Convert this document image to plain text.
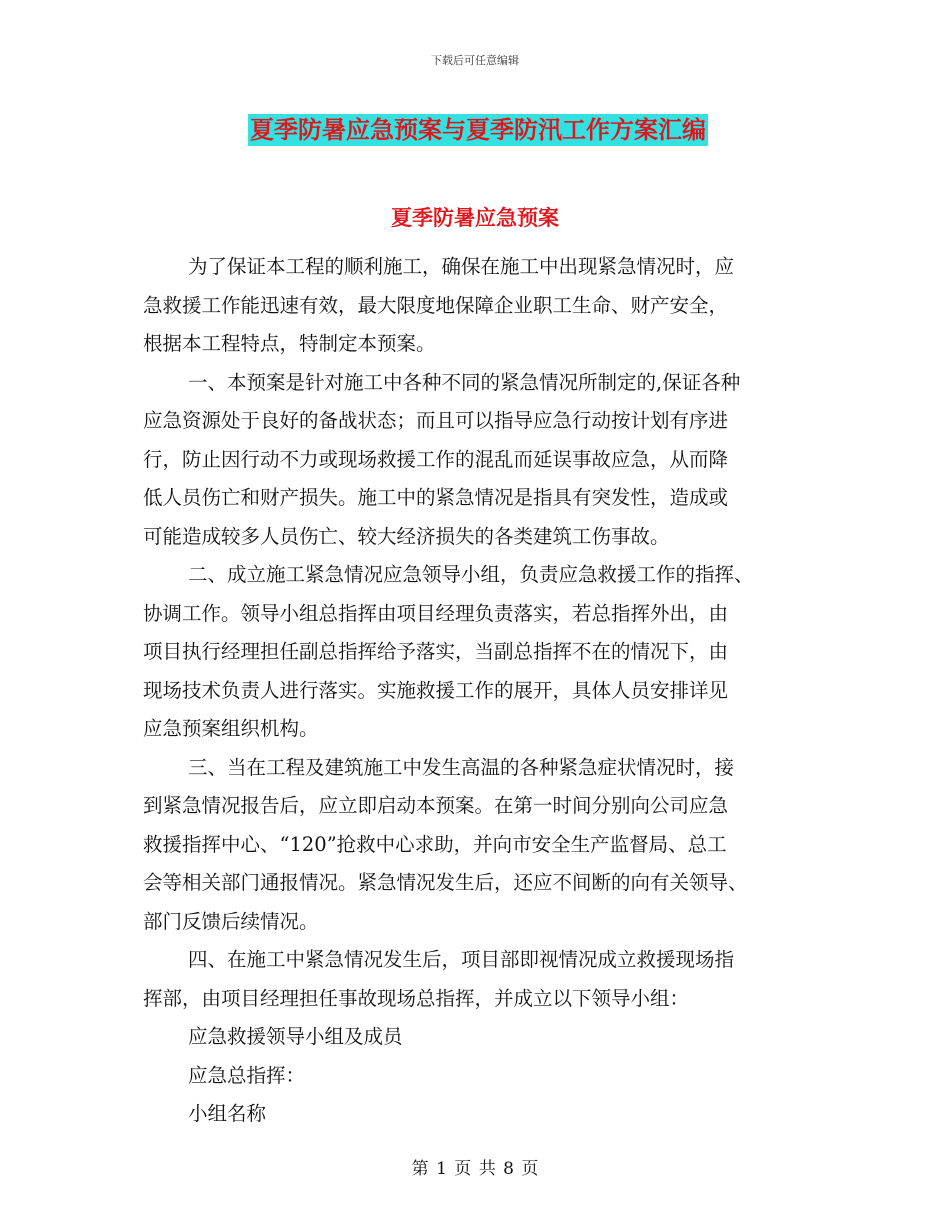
下载后可任意编辑
夏季防暑应急预案与夏季防汛工作方案汇编
夏季防暑应急预案
为了保证本工程的顺利施工，确保在施工中出现紧急情况时，应
急救援工作能迅速有效，最大限度地保障企业职工生命、财产安全，
根据本工程特点，特制定本预案。
一、本预案是针对施工中各种不同的紧急情况所制定的,保证各种
应急资源处于良好的备战状态；而且可以指导应急行动按计划有序进
行，防止因行动不力或现场救援工作的混乱而延误事故应急，从而降
低人员伤亡和财产损失。施工中的紧急情况是指具有突发性，造成或
可能造成较多人员伤亡、较大经济损失的各类建筑工伤事故。
二、成立施工紧急情况应急领导小组，负责应急救援工作的指挥、
协调工作。领导小组总指挥由项目经理负责落实，若总指挥外出，由
项目执行经理担任副总指挥给予落实，当副总指挥不在的情况下，由
现场技术负责人进行落实。实施救援工作的展开，具体人员安排详见
应急预案组织机构。
三、当在工程及建筑施工中发生高温的各种紧急症状情况时，接
到紧急情况报告后，应立即启动本预案。在第一时间分别向公司应急
救援指挥中心、“120”抢救中心求助，并向市安全生产监督局、总工
会等相关部门通报情况。紧急情况发生后，还应不间断的向有关领导、
部门反馈后续情况。
四、在施工中紧急情况发生后，项目部即视情况成立救援现场指
挥部，由项目经理担任事故现场总指挥，并成立以下领导小组：
应急救援领导小组及成员
应急总指挥：
小组名称
第 1 页 共 8 页
